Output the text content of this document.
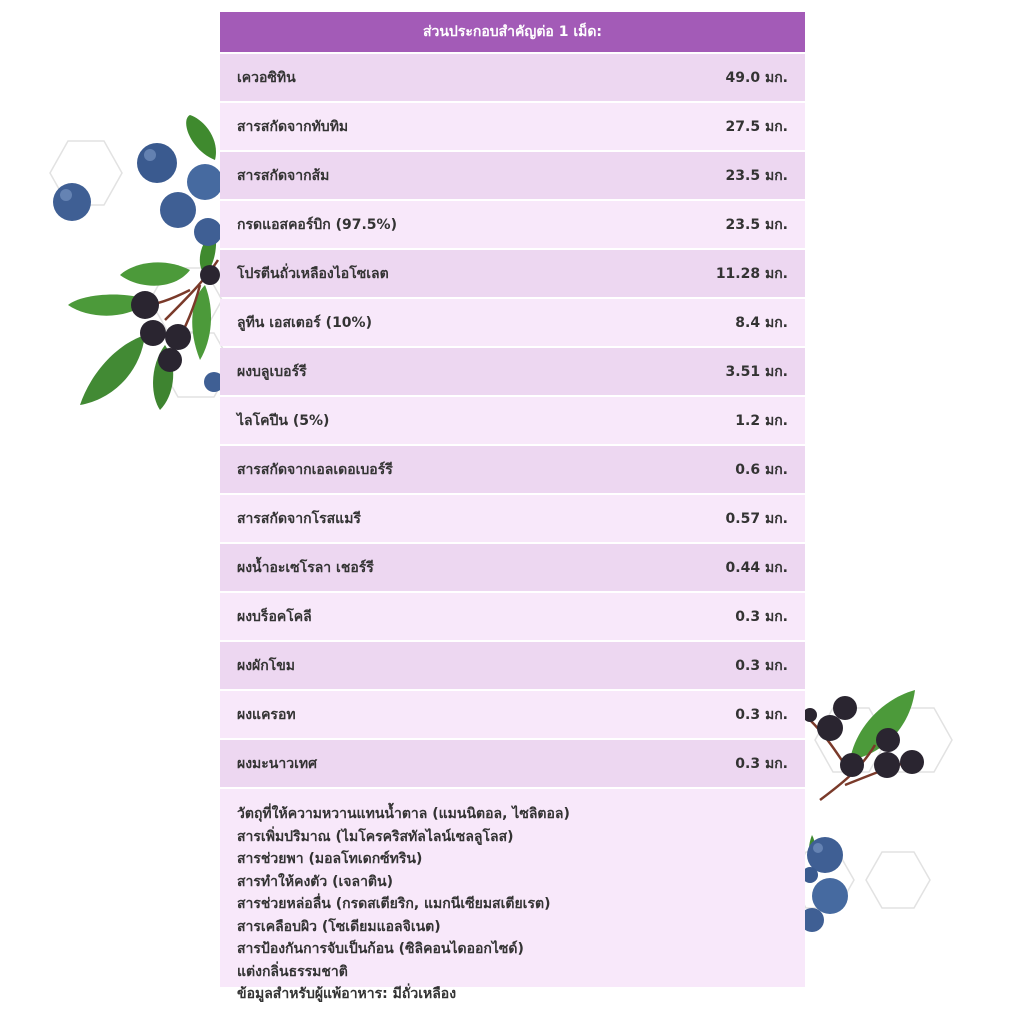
ส่วนประกอบสำคัญต่อ 1 เม็ด:
เควอซิทิน	49.0 มก.
สารสกัดจากทับทิม	27.5 มก.
สารสกัดจากส้ม	23.5 มก.
กรดแอสคอร์บิก (97.5%)	23.5 มก.
โปรตีนถั่วเหลืองไอโซเลต	11.28 มก.
ลูทีน เอสเตอร์ (10%)	8.4 มก.
ผงบลูเบอร์รี	3.51 มก.
ไลโคปีน (5%)	1.2 มก.
สารสกัดจากเอลเดอเบอร์รี	0.6 มก.
สารสกัดจากโรสแมรี	0.57 มก.
ผงน้ำอะเซโรลา เชอร์รี	0.44 มก.
ผงบร็อคโคลี	0.3 มก.
ผงผักโขม	0.3 มก.
ผงแครอท	0.3 มก.
ผงมะนาวเทศ	0.3 มก.
วัตถุที่ให้ความหวานแทนน้ำตาล (แมนนิตอล, ไซลิตอล)
สารเพิ่มปริมาณ (ไมโครคริสทัลไลน์เซลลูโลส)
สารช่วยพา (มอลโทเดกซ์ทริน)
สารทำให้คงตัว (เจลาติน)
สารช่วยหล่อลื่น (กรดสเตียริก, แมกนีเซียมสเตียเรต)
สารเคลือบผิว (โซเดียมแอลจิเนต)
สารป้องกันการจับเป็นก้อน (ซิลิคอนไดออกไซด์)
แต่งกลิ่นธรรมชาติ
ข้อมูลสำหรับผู้แพ้อาหาร: มีถั่วเหลือง
